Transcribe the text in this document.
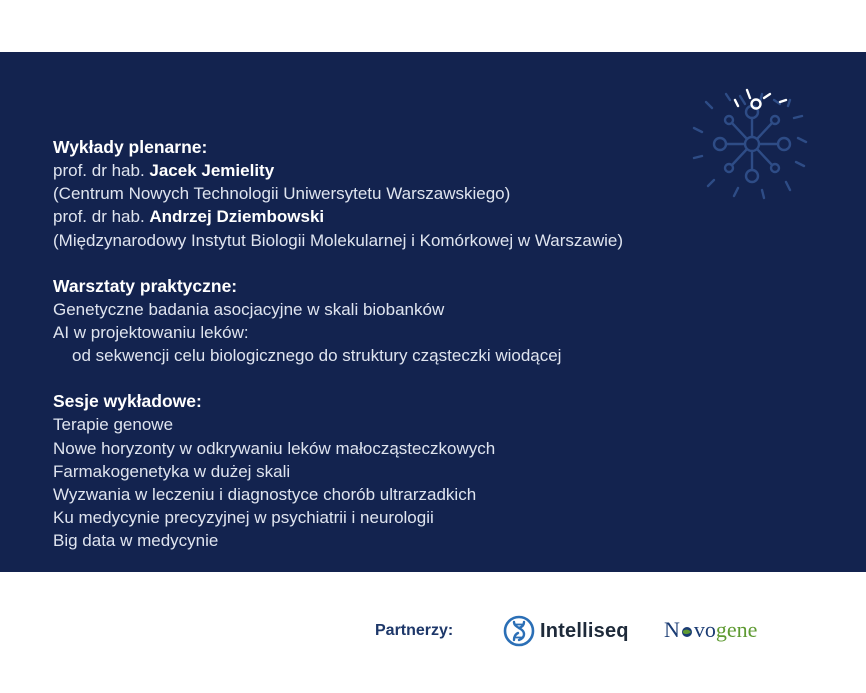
Wykłady plenarne:
prof. dr hab. Jacek Jemielity
(Centrum Nowych Technologii Uniwersytetu Warszawskiego)
prof. dr hab. Andrzej Dziembowski
(Międzynarodowy Instytut Biologii Molekularnej i Komórkowej w Warszawie)
Warsztaty praktyczne:
Genetyczne badania asocjacyjne w skali biobanków
AI w projektowaniu leków:
od sekwencji celu biologicznego do struktury cząsteczki wiodącej
Sesje wykładowe:
Terapie genowe
Nowe horyzonty w odkrywaniu leków małocząsteczkowych
Farmakogenetyka w dużej skali
Wyzwania w leczeniu i diagnostyce chorób ultrarzadkich
Ku medycynie precyzyjnej w psychiatrii i neurologii
Big data w medycynie
Partnerzy:	Intelliseq N vo gene
